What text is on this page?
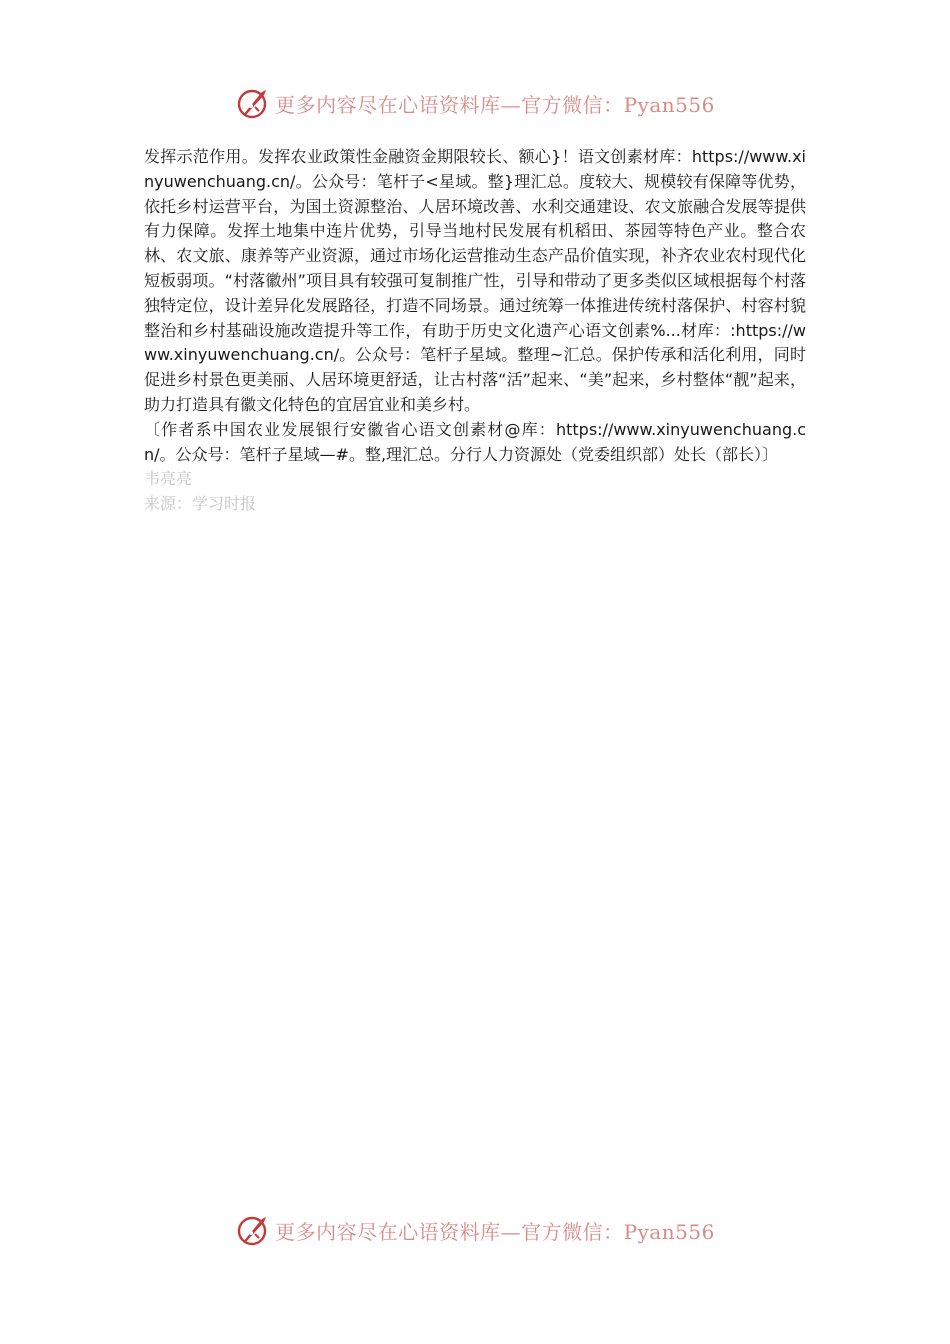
更多内容尽在心语资料库—官方微信：Pyan556

发挥示范作用。发挥农业政策性金融资金期限较长、额心}！语文创素材库：https://www.xinyuwenchuang.cn/。公众号：笔杆子<星域。整}理汇总。度较大、规模较有保障等优势，依托乡村运营平台，为国土资源整治、人居环境改善、水利交通建设、农文旅融合发展等提供有力保障。发挥土地集中连片优势，引导当地村民发展有机稻田、茶园等特色产业。整合农林、农文旅、康养等产业资源，通过市场化运营推动生态产品价值实现，补齐农业农村现代化短板弱项。“村落徽州”项目具有较强可复制推广性，引导和带动了更多类似区域根据每个村落独特定位，设计差异化发展路径，打造不同场景。通过统筹一体推进传统村落保护、村容村貌整治和乡村基础设施改造提升等工作，有助于历史文化遗产心语文创素%...材库：:https://www.xinyuwenchuang.cn/。公众号：笔杆子星域。整理~汇总。保护传承和活化利用，同时促进乡村景色更美丽、人居环境更舒适，让古村落“活”起来、“美”起来，乡村整体“靓”起来，助力打造具有徽文化特色的宜居宜业和美乡村。

〔作者系中国农业发展银行安徽省心语文创素材@库：https://www.xinyuwenchuang.cn/。公众号：笔杆子星域—#。整,理汇总。分行人力资源处（党委组织部）处长（部长）〕

韦亮亮

来源：学习时报

更多内容尽在心语资料库—官方微信：Pyan556
